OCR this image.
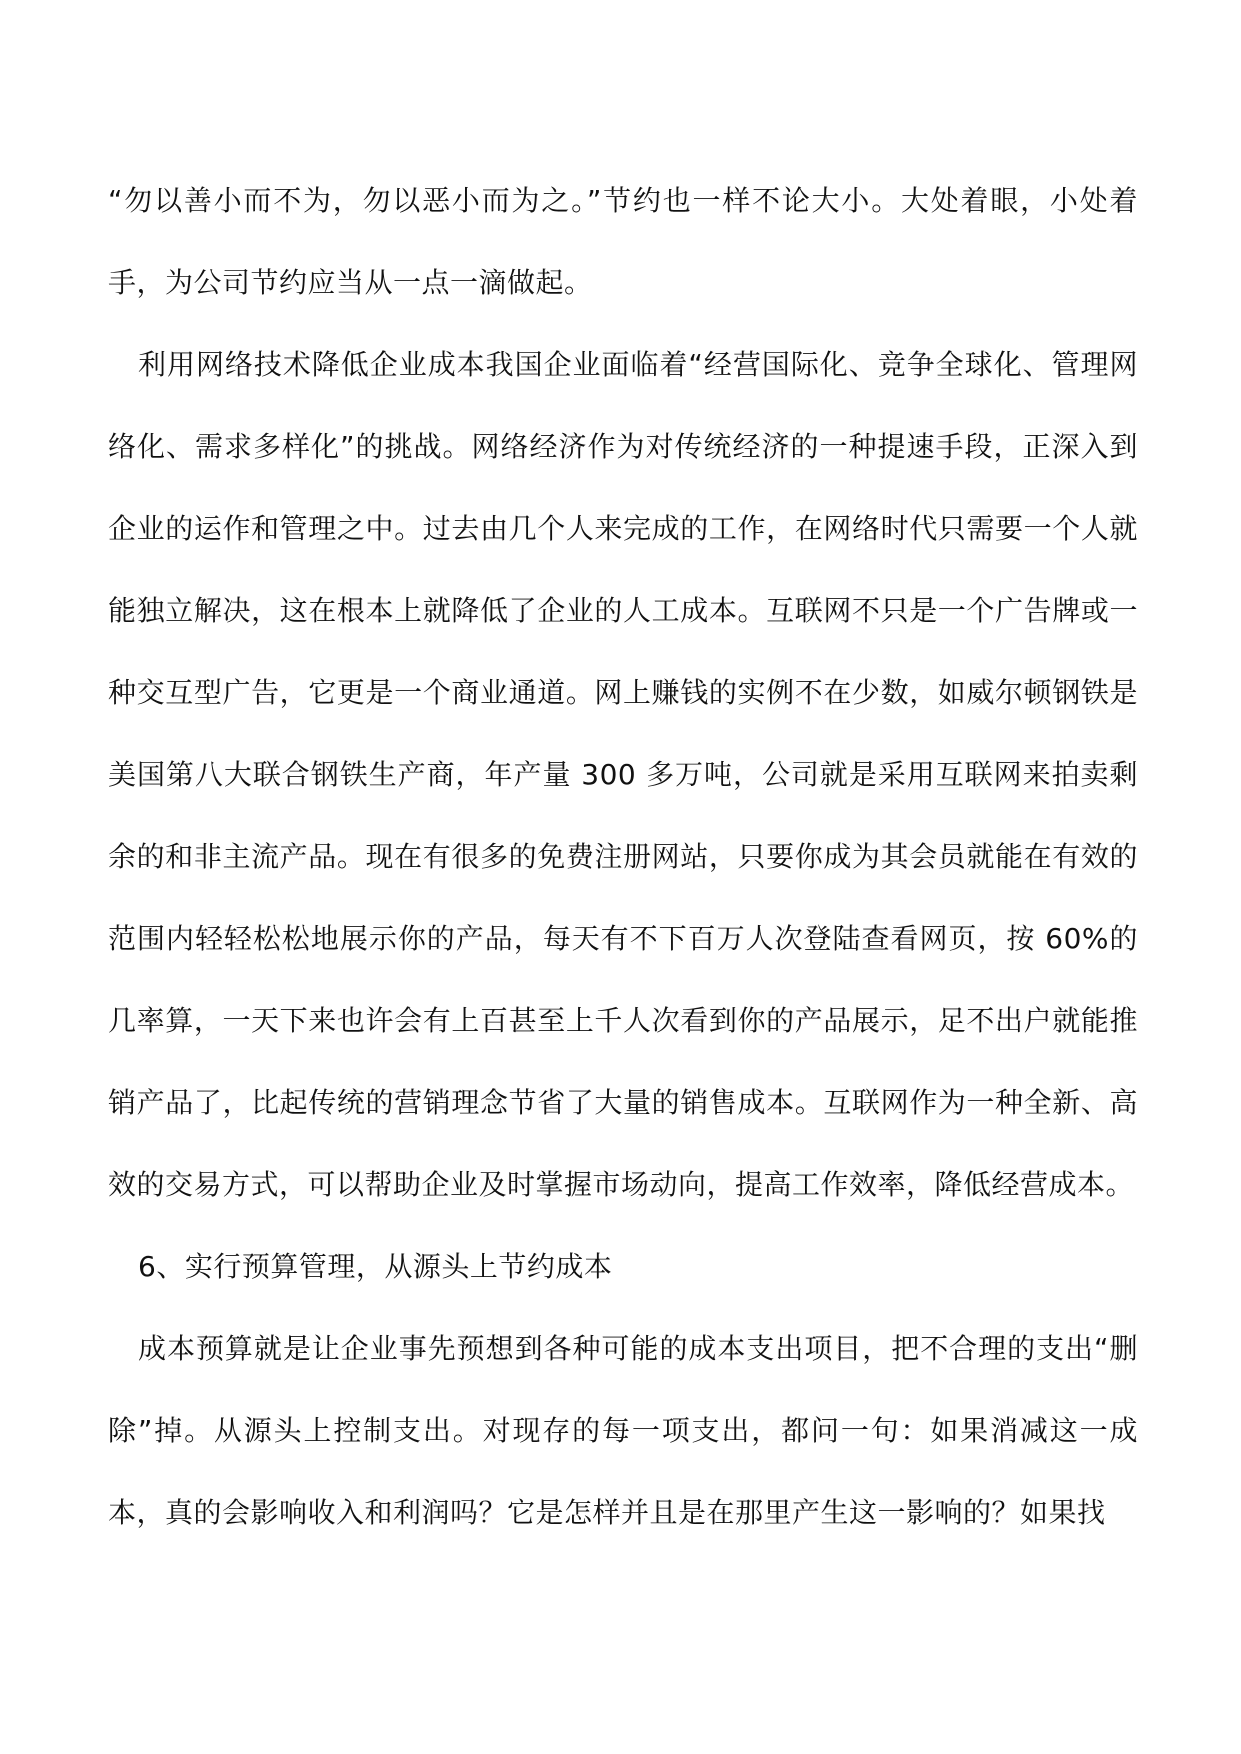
“勿以善小而不为，勿以恶小而为之。”节约也一样不论大小。大处着眼，小处着手，为公司节约应当从一点一滴做起。

利用网络技术降低企业成本我国企业面临着“经营国际化、竞争全球化、管理网络化、需求多样化”的挑战。网络经济作为对传统经济的一种提速手段，正深入到企业的运作和管理之中。过去由几个人来完成的工作，在网络时代只需要一个人就能独立解决，这在根本上就降低了企业的人工成本。互联网不只是一个广告牌或一种交互型广告，它更是一个商业通道。网上赚钱的实例不在少数，如威尔顿钢铁是美国第八大联合钢铁生产商，年产量 300 多万吨，公司就是采用互联网来拍卖剩余的和非主流产品。现在有很多的免费注册网站，只要你成为其会员就能在有效的范围内轻轻松松地展示你的产品，每天有不下百万人次登陆查看网页，按 60%的几率算，一天下来也许会有上百甚至上千人次看到你的产品展示，足不出户就能推销产品了，比起传统的营销理念节省了大量的销售成本。互联网作为一种全新、高效的交易方式，可以帮助企业及时掌握市场动向，提高工作效率，降低经营成本。

6、实行预算管理，从源头上节约成本

成本预算就是让企业事先预想到各种可能的成本支出项目，把不合理的支出“删除”掉。从源头上控制支出。对现存的每一项支出，都问一句：如果消减这一成本，真的会影响收入和利润吗？它是怎样并且是在那里产生这一影响的？如果找
